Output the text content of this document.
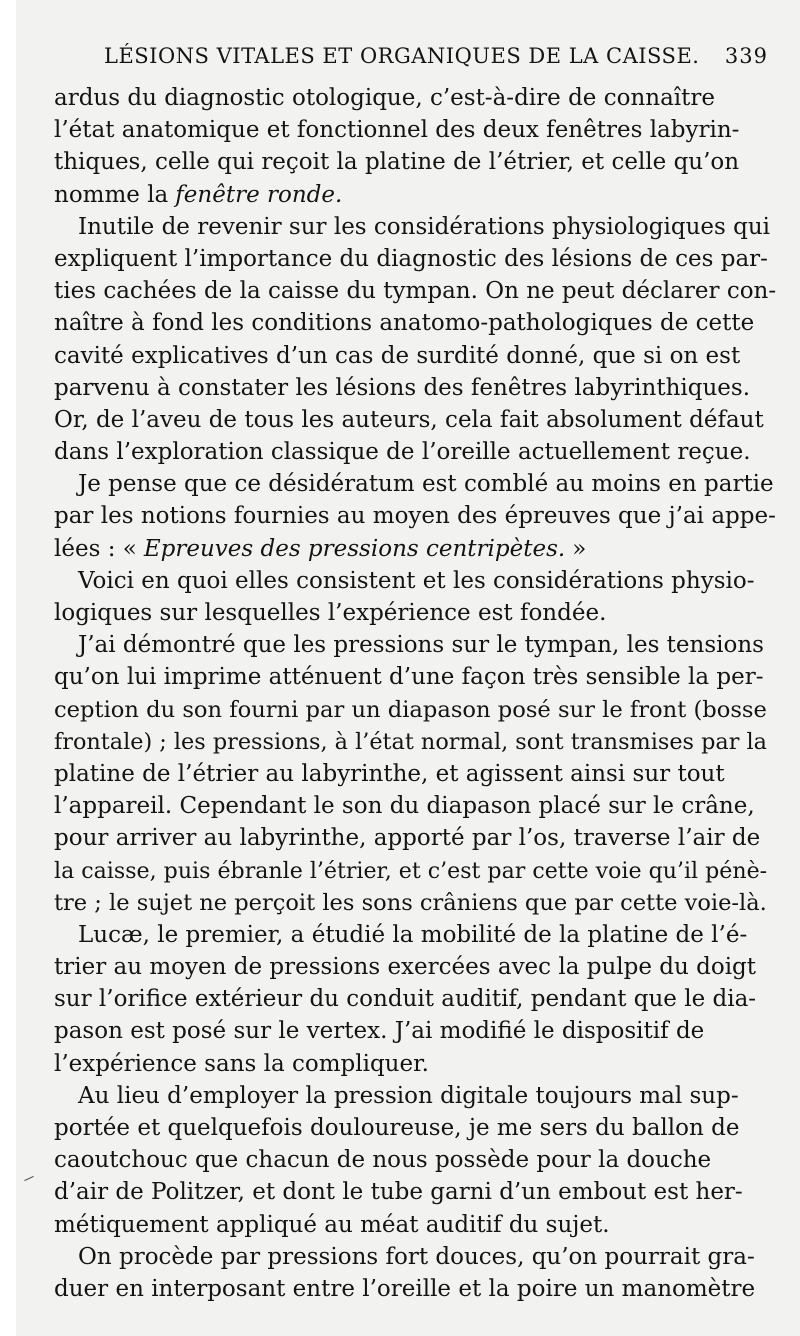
LÉSIONS VITALES ET ORGANIQUES DE LA CAISSE. 339
ardus du diagnostic otologique, c’est-à-dire de connaître
l’état anatomique et fonctionnel des deux fenêtres labyrin-
thiques, celle qui reçoit la platine de l’étrier, et celle qu’on
nomme la fenêtre ronde.
Inutile de revenir sur les considérations physiologiques qui
expliquent l’importance du diagnostic des lésions de ces par-
ties cachées de la caisse du tympan. On ne peut déclarer con-
naître à fond les conditions anatomo-pathologiques de cette
cavité explicatives d’un cas de surdité donné, que si on est
parvenu à constater les lésions des fenêtres labyrinthiques.
Or, de l’aveu de tous les auteurs, cela fait absolument défaut
dans l’exploration classique de l’oreille actuellement reçue.
Je pense que ce désidératum est comblé au moins en partie
par les notions fournies au moyen des épreuves que j’ai appe-
lées : « Epreuves des pressions centripètes. »
Voici en quoi elles consistent et les considérations physio-
logiques sur lesquelles l’expérience est fondée.
J’ai démontré que les pressions sur le tympan, les tensions
qu’on lui imprime atténuent d’une façon très sensible la per-
ception du son fourni par un diapason posé sur le front (bosse
frontale) ; les pressions, à l’état normal, sont transmises par la
platine de l’étrier au labyrinthe, et agissent ainsi sur tout
l’appareil. Cependant le son du diapason placé sur le crâne,
pour arriver au labyrinthe, apporté par l’os, traverse l’air de
la caisse, puis ébranle l’étrier, et c’est par cette voie qu’il pénè-
tre ; le sujet ne perçoit les sons crâniens que par cette voie-là.
Lucæ, le premier, a étudié la mobilité de la platine de l’é-
trier au moyen de pressions exercées avec la pulpe du doigt
sur l’orifice extérieur du conduit auditif, pendant que le dia-
pason est posé sur le vertex. J’ai modifié le dispositif de
l’expérience sans la compliquer.
Au lieu d’employer la pression digitale toujours mal sup-
portée et quelquefois douloureuse, je me sers du ballon de
caoutchouc que chacun de nous possède pour la douche
d’air de Politzer, et dont le tube garni d’un embout est her-
métiquement appliqué au méat auditif du sujet.
On procède par pressions fort douces, qu’on pourrait gra-
duer en interposant entre l’oreille et la poire un manomètre
